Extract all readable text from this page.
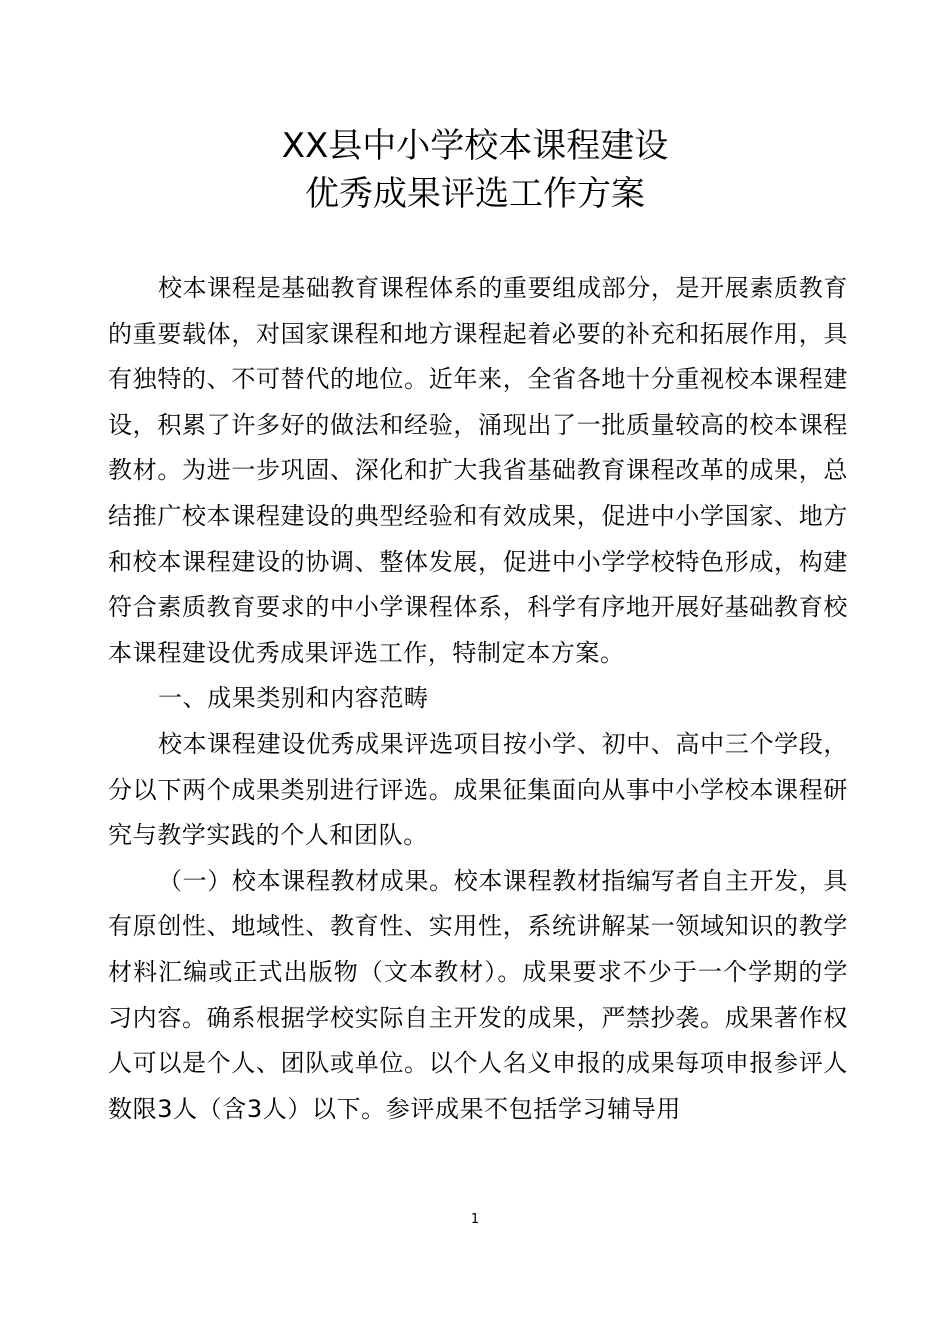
XX县中小学校本课程建设
优秀成果评选工作方案

校本课程是基础教育课程体系的重要组成部分，是开展素质教育的重要载体，对国家课程和地方课程起着必要的补充和拓展作用，具有独特的、不可替代的地位。近年来，全省各地十分重视校本课程建设，积累了许多好的做法和经验，涌现出了一批质量较高的校本课程教材。为进一步巩固、深化和扩大我省基础教育课程改革的成果，总结推广校本课程建设的典型经验和有效成果，促进中小学国家、地方和校本课程建设的协调、整体发展，促进中小学学校特色形成，构建符合素质教育要求的中小学课程体系，科学有序地开展好基础教育校本课程建设优秀成果评选工作，特制定本方案。

一、成果类别和内容范畴

校本课程建设优秀成果评选项目按小学、初中、高中三个学段，分以下两个成果类别进行评选。成果征集面向从事中小学校本课程研究与教学实践的个人和团队。

（一）校本课程教材成果。校本课程教材指编写者自主开发，具有原创性、地域性、教育性、实用性，系统讲解某一领域知识的教学材料汇编或正式出版物（文本教材）。成果要求不少于一个学期的学习内容。确系根据学校实际自主开发的成果，严禁抄袭。成果著作权人可以是个人、团队或单位。以个人名义申报的成果每项申报参评人数限3人（含3人）以下。参评成果不包括学习辅导用

1
